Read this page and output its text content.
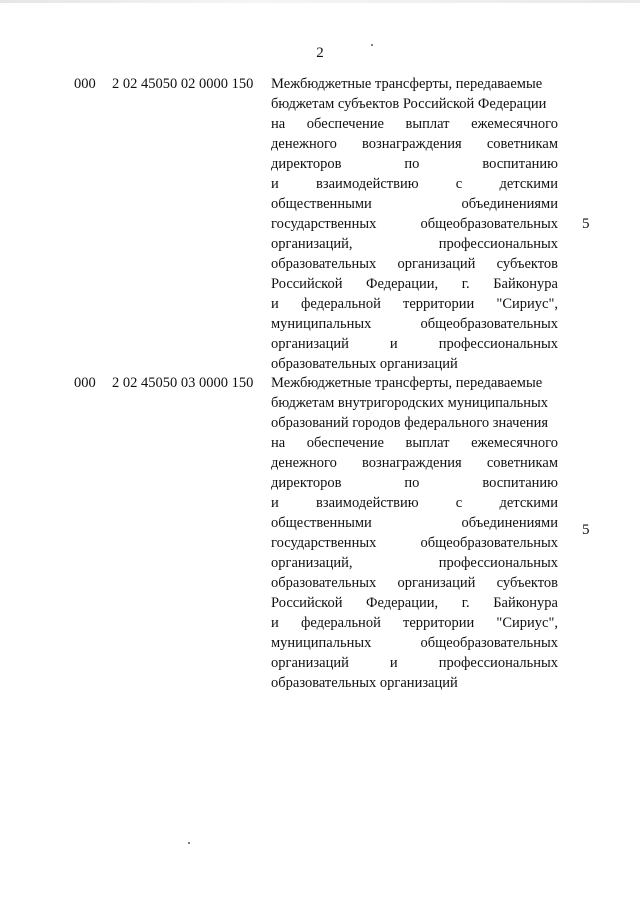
2
000 2 02 45050 02 0000 150 Межбюджетные трансферты, передаваемые
бюджетам субъектов Российской Федерации
на обеспечение выплат ежемесячного
денежного вознаграждения советникам
директоров по воспитанию
и взаимодействию с детскими
общественными объединениями
государственных общеобразовательных
организаций, профессиональных
образовательных организаций субъектов
Российской Федерации, г. Байконура
и федеральной территории "Сириус",
муниципальных общеобразовательных
организаций и профессиональных
образовательных организаций
5
000 2 02 45050 03 0000 150 Межбюджетные трансферты, передаваемые
бюджетам внутригородских муниципальных
образований городов федерального значения
на обеспечение выплат ежемесячного
денежного вознаграждения советникам
директоров по воспитанию
и взаимодействию с детскими
общественными объединениями
государственных общеобразовательных
организаций, профессиональных
образовательных организаций субъектов
Российской Федерации, г. Байконура
и федеральной территории "Сириус",
муниципальных общеобразовательных
организаций и профессиональных
образовательных организаций
5
